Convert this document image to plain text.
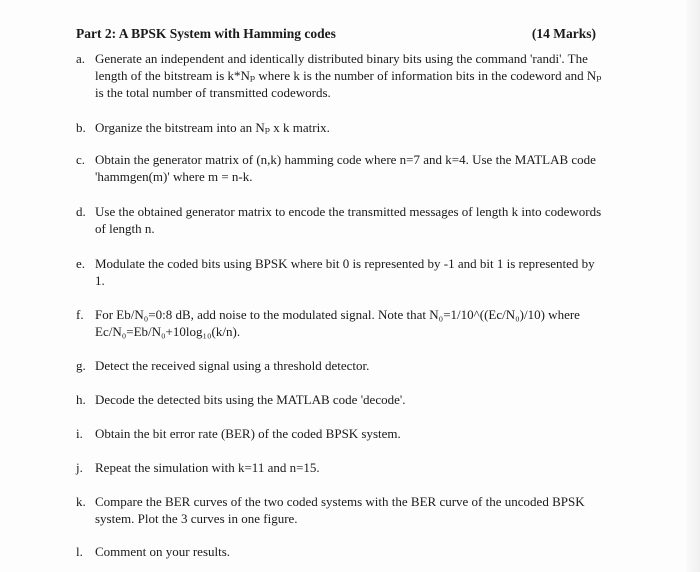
Part 2: A BPSK System with Hamming codes	(14 Marks)
a. Generate an independent and identically distributed binary bits using the command 'randi'. The
length of the bitstream is k*Nₚ where k is the number of information bits in the codeword and Nₚ
is the total number of transmitted codewords.
b. Organize the bitstream into an Nₚ x k matrix.
c. Obtain the generator matrix of (n,k) hamming code where n=7 and k=4. Use the MATLAB code
'hammgen(m)' where m = n-k.
d. Use the obtained generator matrix to encode the transmitted messages of length k into codewords
of length n.
e. Modulate the coded bits using BPSK where bit 0 is represented by -1 and bit 1 is represented by
1.
f. For Eb/N₀=0:8 dB, add noise to the modulated signal. Note that N₀=1/10^((Ec/N₀)/10) where
Ec/N₀=Eb/N₀+10log₁₀(k/n).
g. Detect the received signal using a threshold detector.
h. Decode the detected bits using the MATLAB code 'decode'.
i. Obtain the bit error rate (BER) of the coded BPSK system.
j. Repeat the simulation with k=11 and n=15.
k. Compare the BER curves of the two coded systems with the BER curve of the uncoded BPSK
system. Plot the 3 curves in one figure.
l. Comment on your results.
